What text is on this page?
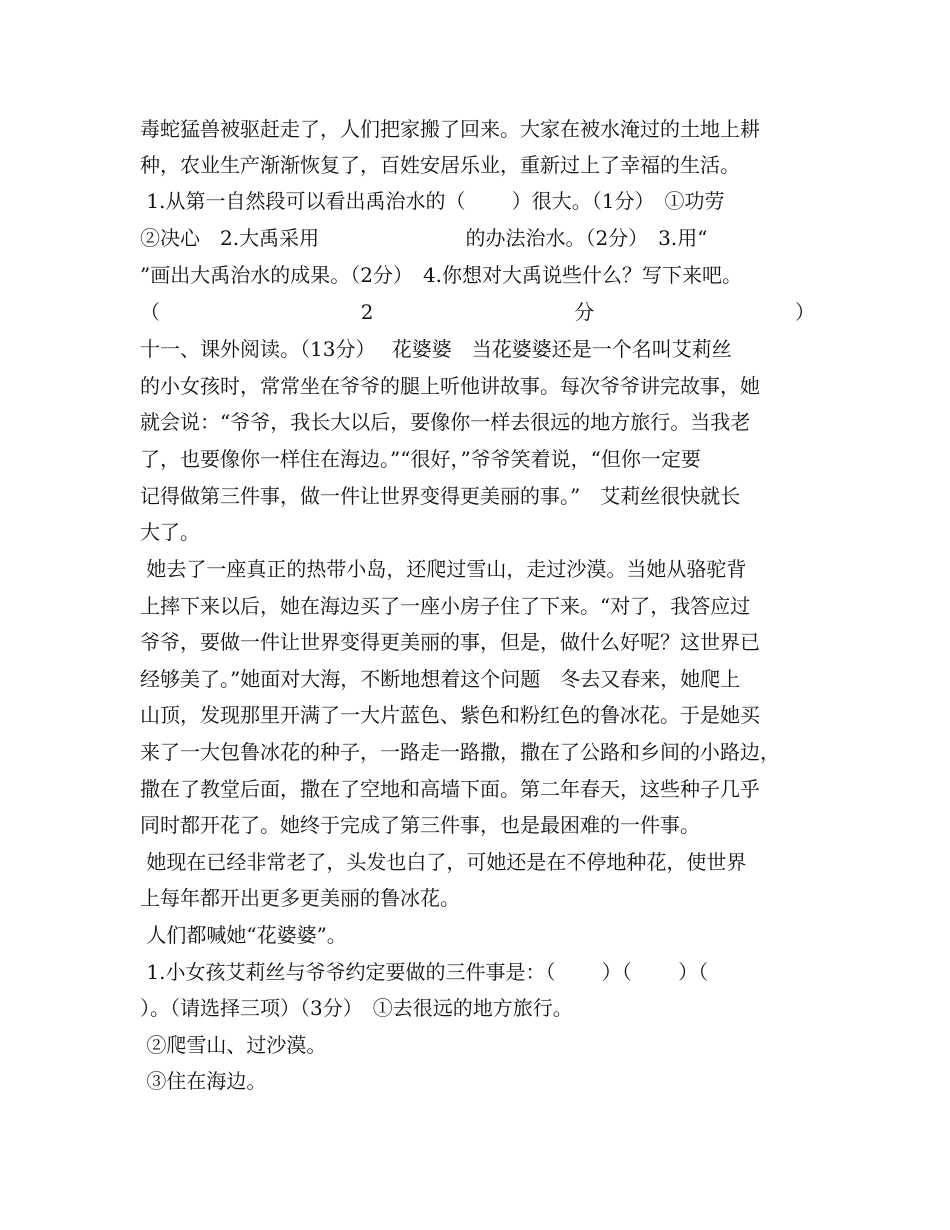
毒蛇猛兽被驱赶走了，人们把家搬了回来。大家在被水淹过的土地上耕
种，农业生产渐渐恢复了，百姓安居乐业，重新过上了幸福的生活。
1.从第一自然段可以看出禹治水的（　　 ）很大。（1分）　①功劳
②决心　2.大禹采用　　　　　　　 的办法治水。（2分）　3.用“
”画出大禹治水的成果。（2分）　4.你想对大禹说些什么？写下来吧。
（	2	分	）
十一、课外阅读。（13分）　 花婆婆　当花婆婆还是一个名叫艾莉丝
的小女孩时，常常坐在爷爷的腿上听他讲故事。每次爷爷讲完故事，她
就会说：“爷爷，我长大以后，要像你一样去很远的地方旅行。当我老
了，也要像你一样住在海边。”“很好，”爷爷笑着说，“但你一定要
记得做第三件事，做一件让世界变得更美丽的事。”　艾莉丝很快就长
大了。
她去了一座真正的热带小岛，还爬过雪山，走过沙漠。当她从骆驼背
上摔下来以后，她在海边买了一座小房子住了下来。“对了，我答应过
爷爷，要做一件让世界变得更美丽的事，但是，做什么好呢？这世界已
经够美了。”她面对大海，不断地想着这个问题　冬去又春来，她爬上
山顶，发现那里开满了一大片蓝色、紫色和粉红色的鲁冰花。于是她买
来了一大包鲁冰花的种子，一路走一路撒，撒在了公路和乡间的小路边，
撒在了教堂后面，撒在了空地和高墙下面。第二年春天，这些种子几乎
同时都开花了。她终于完成了第三件事，也是最困难的一件事。
她现在已经非常老了，头发也白了，可她还是在不停地种花，使世界
上每年都开出更多更美丽的鲁冰花。
人们都喊她“花婆婆”。
1.小女孩艾莉丝与爷爷约定要做的三件事是：（　　 ）（　　 ）（
）。（请选择三项）（3分）　①去很远的地方旅行。
②爬雪山、过沙漠。
③住在海边。
